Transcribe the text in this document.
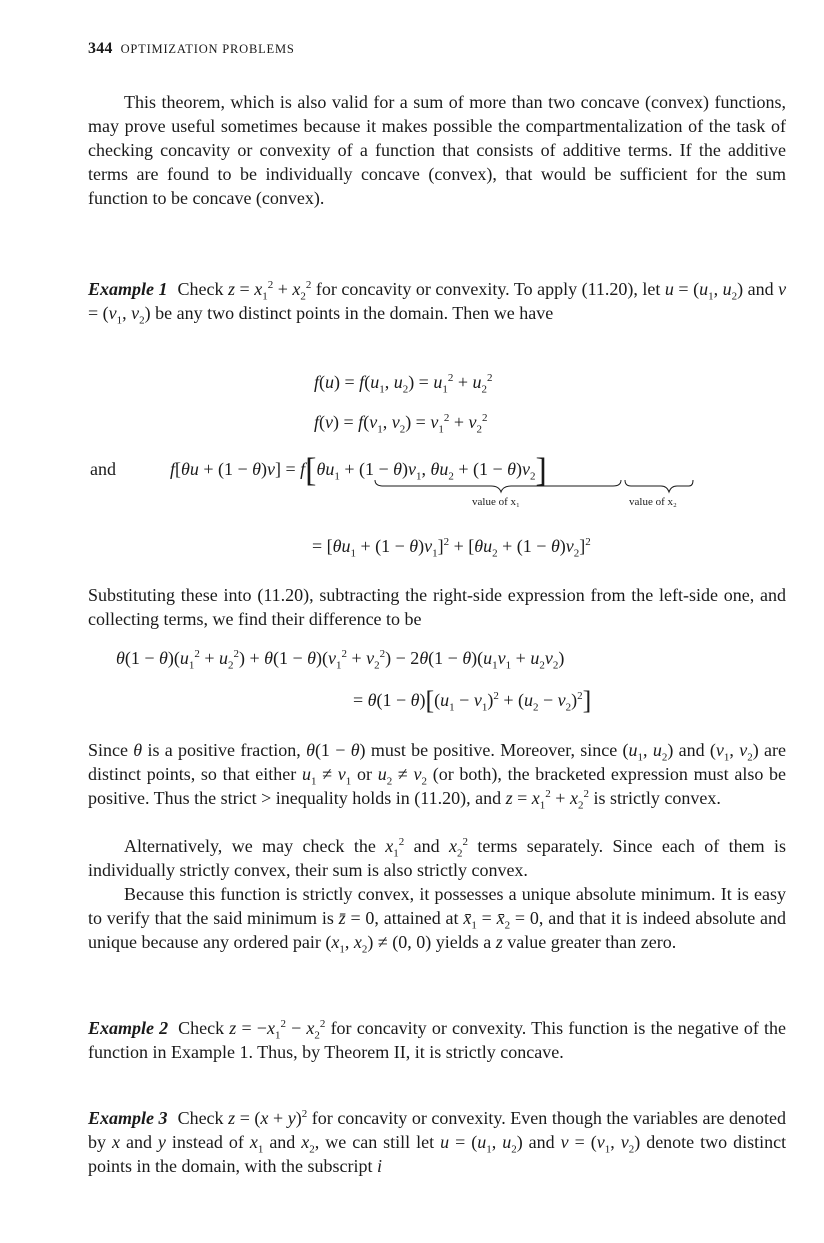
344 OPTIMIZATION PROBLEMS

This theorem, which is also valid for a sum of more than two concave (convex) functions, may prove useful sometimes because it makes possible the compartmentalization of the task of checking concavity or convexity of a function that consists of additive terms. If the additive terms are found to be individually concave (convex), that would be sufficient for the sum function to be concave (convex).

Example 1 Check $z = x_1^2 + x_2^2$ for concavity or convexity. To apply (11.20), let $u = (u_1$, $u_2$) and $v = (v_1$, $v_2$) be any two distinct points in the domain. Then we have

$f(u) = f(u_1$, $u_2) = u_1^2 + u_2^2$
$f(v) = f(v_1$, $v_2) = v_1^2 + v_2^2$
and	$f[\theta u + (1 - \theta)v] = f[\theta u_1 + (1 - \theta)v_1$, $\theta u_2 + (1 - \theta)v_2$]
value of x₁	value of x₂
= $[\theta u_1 + (1 - \theta)v_1]^2 + [\theta u_2 + (1 - \theta)v_2]^2$

Substituting these into (11.20), subtracting the right-side expression from the left-side one, and collecting terms, we find their difference to be

$\theta(1 - \theta)(u_1^2 + u_2^2) + \theta(1 - \theta)(v_1^2 + v_2^2) - 2\theta(1 - \theta)(u_1v_1 + u_2v_2)$
= $\theta(1 - \theta)[(u_1 - v_1)^2 + (u_2 - v_2)^2]$

Since θ is a positive fraction, θ(1 − θ) must be positive. Moreover, since ($u_1$, $u_2$) and ($v_1$, $v_2$) are distinct points, so that either $u_1 \ne v_1$ or $u_2 \ne v_2$ (or both), the bracketed expression must also be positive. Thus the strict > inequality holds in (11.20), and $z = x_1^2 + x_2^2$ is strictly convex.

Alternatively, we may check the $x_1^2$ and $x_2^2$ terms separately. Since each of them is individually strictly convex, their sum is also strictly convex.

Because this function is strictly convex, it possesses a unique absolute minimum. It is easy to verify that the said minimum is z̄ = 0, attained at $x̄_1$ = $x̄_2 = 0$, and that it is indeed absolute and unique because any ordered pair ($x_1$, $x_2) \ne (0$, 0) yields a z value greater than zero.

Example 2 Check $z = -x_1^2 - x_2^2$ for concavity or convexity. This function is the negative of the function in Example 1. Thus, by Theorem II, it is strictly concave.

Example 3 Check $z = (x + y)^2$ for concavity or convexity. Even though the variables are denoted by x and y instead of $x_1$ and $x_2$, we can still let $u = (u_1$, $u_2$) and $v = (v_1$, $v_2$) denote two distinct points in the domain, with the subscript i
